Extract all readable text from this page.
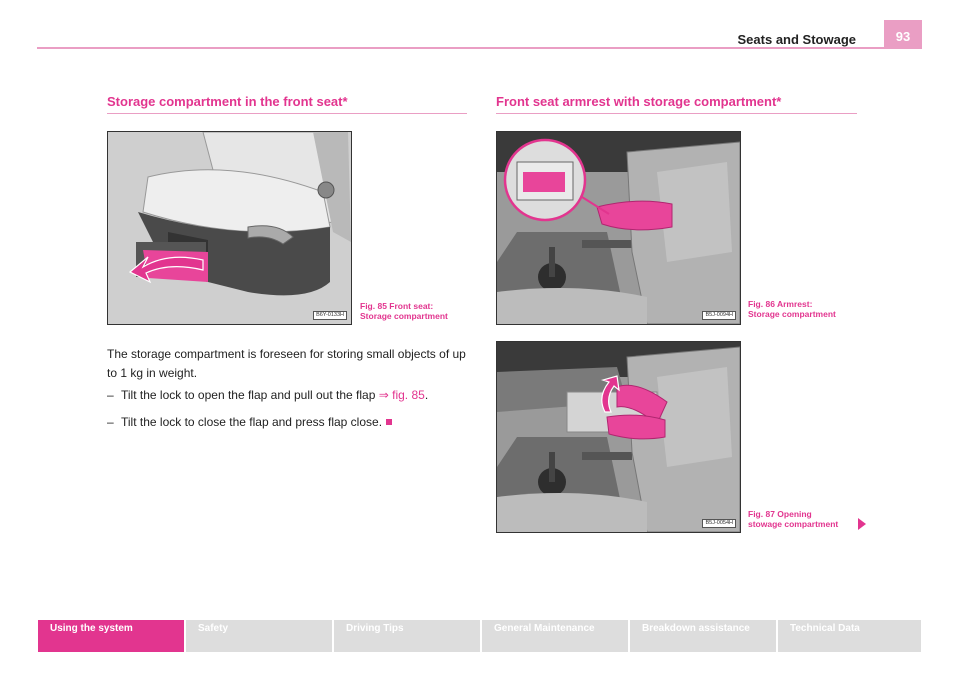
Seats and Stowage	93
Storage compartment in the front seat*
B6Y-0133H
Fig. 85 Front seat:
Storage compartment
The storage compartment is foreseen for storing small objects of up to 1 kg in weight.
– Tilt the lock to open the flap and pull out the flap ⇒ fig. 85.
– Tilt the lock to close the flap and press flap close.
Front seat armrest with storage compartment*
B5J-0094H
Fig. 86 Armrest:
Storage compartment
B5J-0054H
Fig. 87 Opening
stowage compartment
Using the system	Safety	Driving Tips	General Maintenance	Breakdown assistance	Technical Data
